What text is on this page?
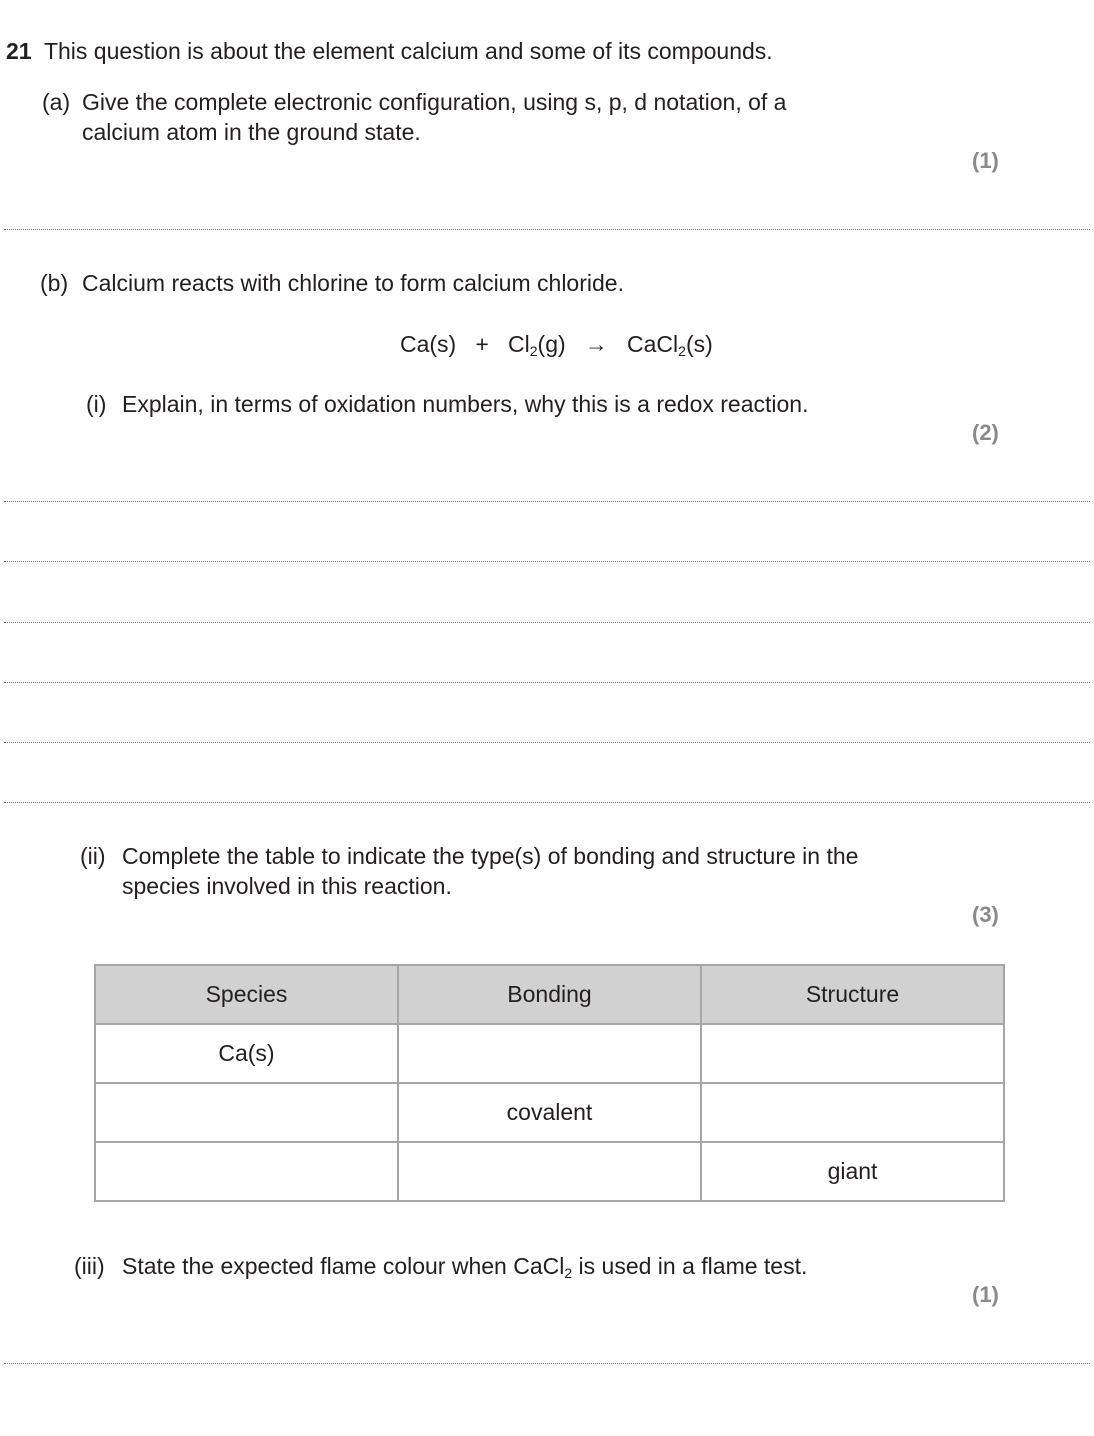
21 This question is about the element calcium and some of its compounds.
(a) Give the complete electronic configuration, using s, p, d notation, of a
calcium atom in the ground state.
(1)
(b) Calcium reacts with chlorine to form calcium chloride.
$Ca(s) + Cl_2(g)$ → CaCl$_2$(s)
(i) Explain, in terms of oxidation numbers, why this is a redox reaction.
(2)
(ii) Complete the table to indicate the type(s) of bonding and structure in the
species involved in this reaction.
(3)
Species	Bonding	Structure
Ca(s)		
	covalent	
		giant
(iii) State the expected flame colour when CaCl$_2$ is used in a flame test.
(1)
